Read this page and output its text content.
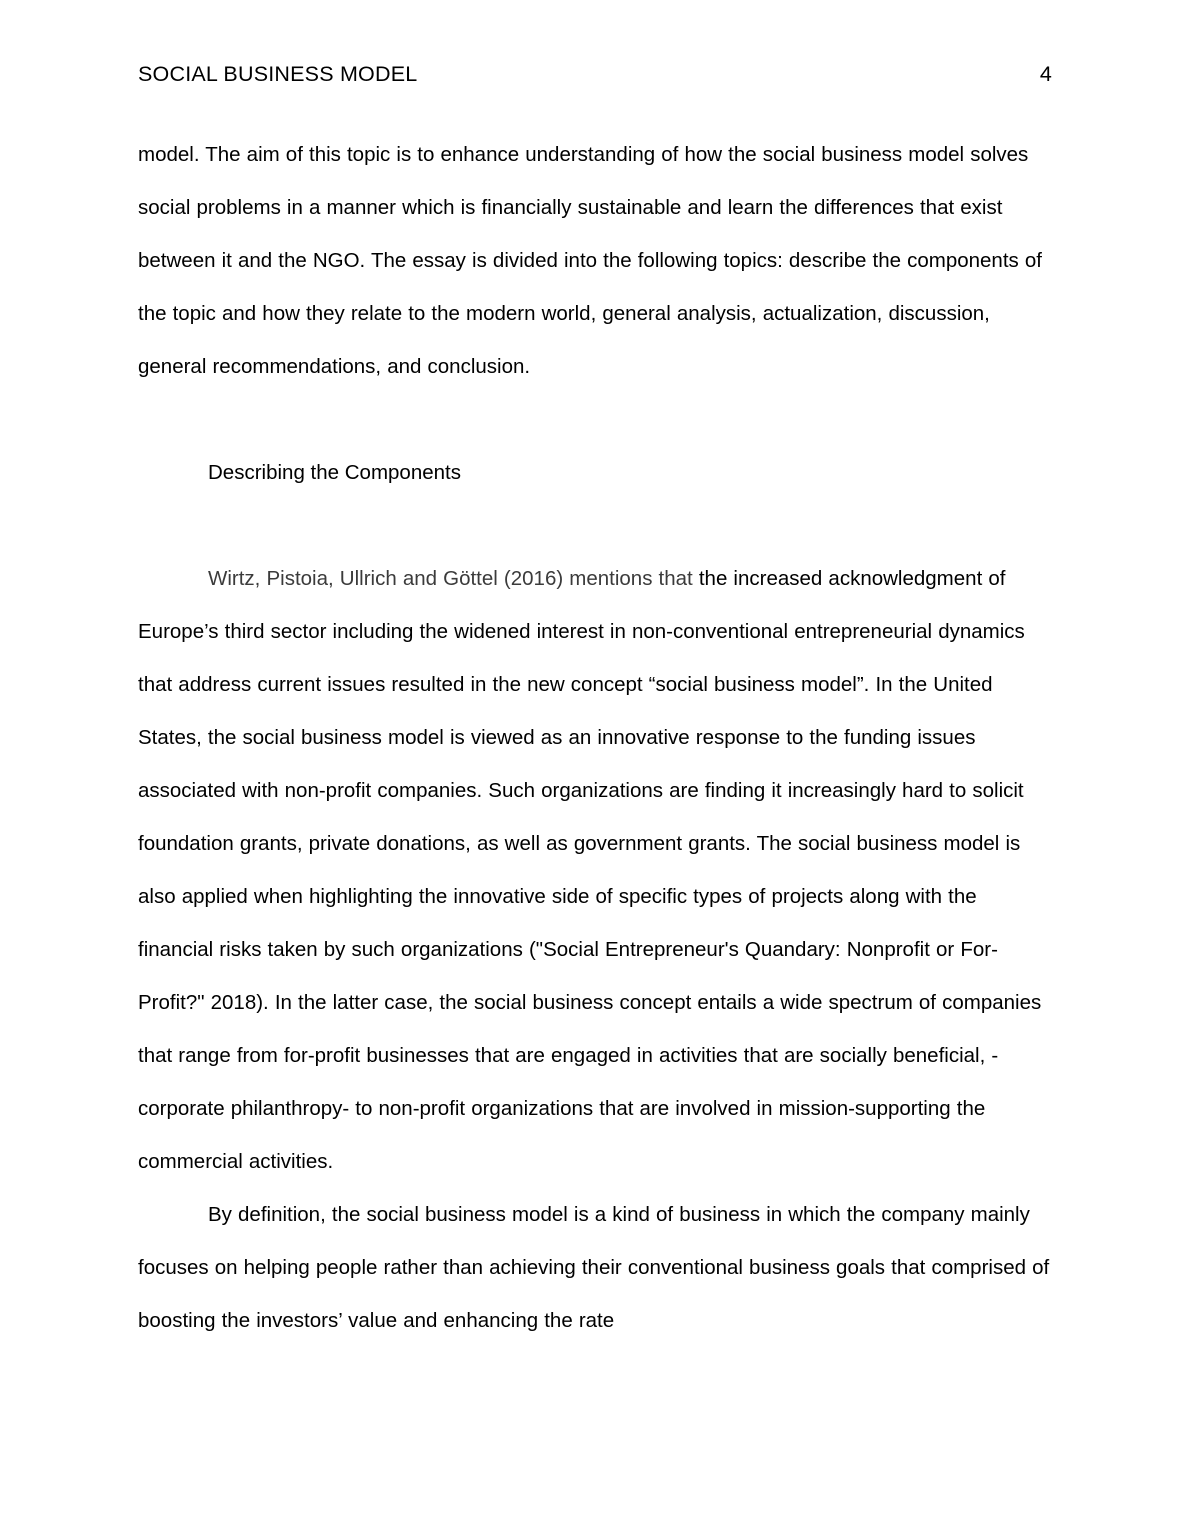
SOCIAL BUSINESS MODEL	4

model. The aim of this topic is to enhance understanding of how the social business model solves social problems in a manner which is financially sustainable and learn the differences that exist between it and the NGO. The essay is divided into the following topics: describe the components of the topic and how they relate to the modern world, general analysis, actualization, discussion, general recommendations, and conclusion.

Describing the Components

Wirtz, Pistoia, Ullrich and Göttel (2016) mentions that the increased acknowledgment of Europe’s third sector including the widened interest in non-conventional entrepreneurial dynamics that address current issues resulted in the new concept “social business model”. In the United States, the social business model is viewed as an innovative response to the funding issues associated with non-profit companies. Such organizations are finding it increasingly hard to solicit foundation grants, private donations, as well as government grants. The social business model is also applied when highlighting the innovative side of specific types of projects along with the financial risks taken by such organizations ("Social Entrepreneur's Quandary: Nonprofit or For-Profit?" 2018). In the latter case, the social business concept entails a wide spectrum of companies that range from for-profit businesses that are engaged in activities that are socially beneficial, - corporate philanthropy- to non-profit organizations that are involved in mission-supporting the commercial activities.

By definition, the social business model is a kind of business in which the company mainly focuses on helping people rather than achieving their conventional business goals that comprised of boosting the investors’ value and enhancing the rate
